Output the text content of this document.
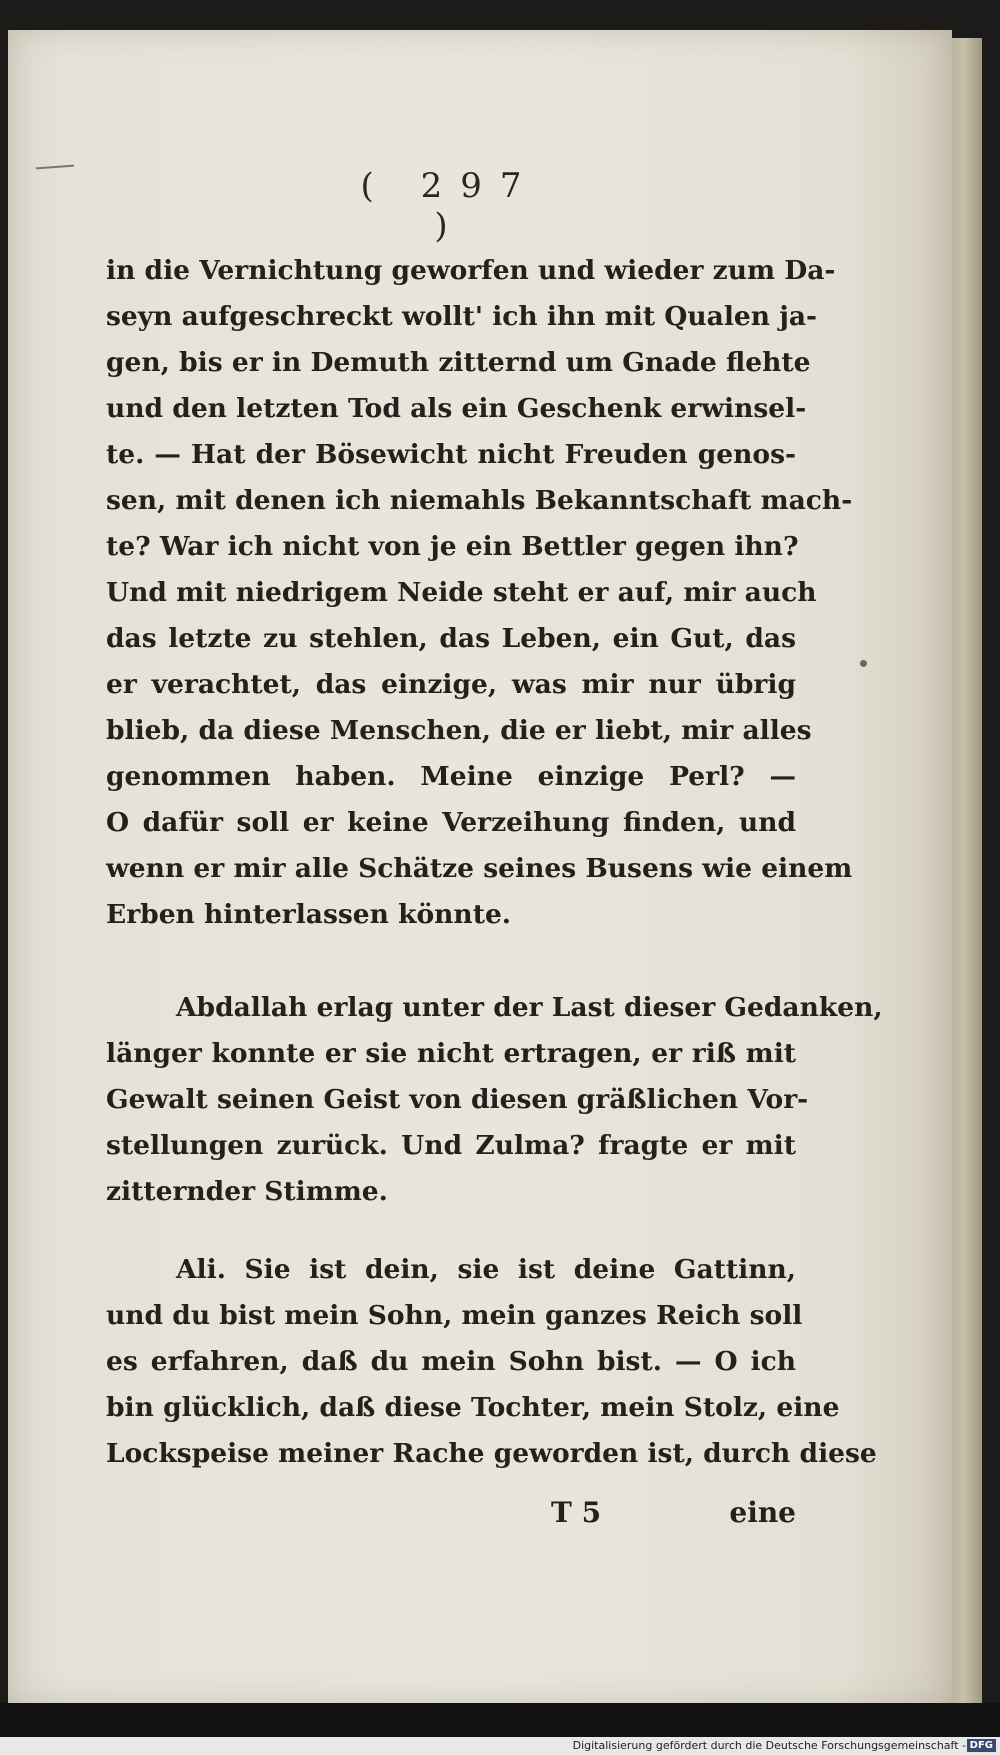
( 297 )
in die Vernichtung geworfen und wieder zum Da-
seyn aufgeschreckt wollt' ich ihn mit Qualen ja-
gen, bis er in Demuth zitternd um Gnade flehte
und den letzten Tod als ein Geschenk erwinsel-
te. — Hat der Bösewicht nicht Freuden genos-
sen, mit denen ich niemahls Bekanntschaft mach-
te? War ich nicht von je ein Bettler gegen ihn?
Und mit niedrigem Neide steht er auf, mir auch
das letzte zu stehlen, das Leben, ein Gut, das
er verachtet, das einzige, was mir nur übrig
blieb, da diese Menschen, die er liebt, mir alles
genommen haben. Meine einzige Perl? —
O dafür soll er keine Verzeihung finden, und
wenn er mir alle Schätze seines Busens wie einem
Erben hinterlassen könnte.
Abdallah erlag unter der Last dieser Gedanken,
länger konnte er sie nicht ertragen, er riß mit
Gewalt seinen Geist von diesen gräßlichen Vor-
stellungen zurück. Und Zulma? fragte er mit
zitternder Stimme.
Ali. Sie ist dein, sie ist deine Gattinn,
und du bist mein Sohn, mein ganzes Reich soll
es erfahren, daß du mein Sohn bist. — O ich
bin glücklich, daß diese Tochter, mein Stolz, eine
Lockspeise meiner Rache geworden ist, durch diese
T 5	eine
Digitalisierung gefördert durch die Deutsche Forschungsgemeinschaft - DFG
